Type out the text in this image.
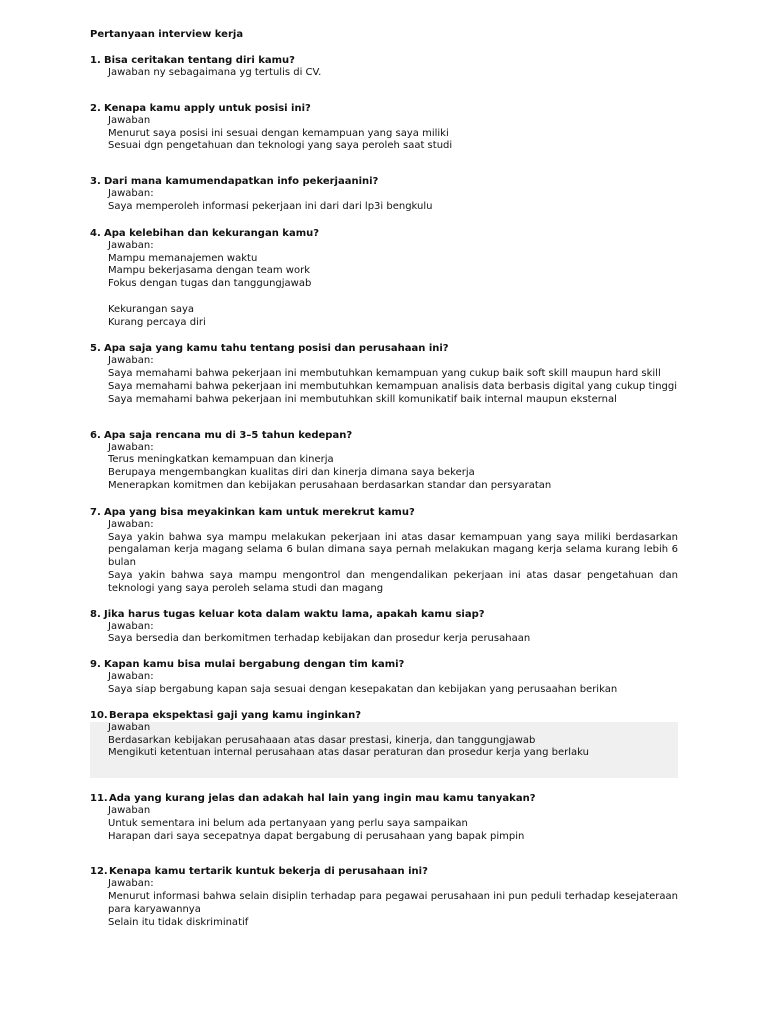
Pertanyaan interview kerja
1. Bisa ceritakan tentang diri kamu?
Jawaban ny sebagaimana yg tertulis di CV.
2. Kenapa kamu apply untuk posisi ini?
Jawaban
Menurut saya posisi ini sesuai dengan kemampuan yang saya miliki
Sesuai dgn pengetahuan dan teknologi yang saya peroleh saat studi
3. Dari mana kamumendapatkan info pekerjaanini?
Jawaban:
Saya memperoleh informasi pekerjaan ini dari dari lp3i bengkulu
4. Apa kelebihan dan kekurangan kamu?
Jawaban:
Mampu memanajemen waktu
Mampu bekerjasama dengan team work
Fokus dengan tugas dan tanggungjawab
Kekurangan saya
Kurang percaya diri
5. Apa saja yang kamu tahu tentang posisi dan perusahaan ini?
Jawaban:
Saya memahami bahwa pekerjaan ini membutuhkan kemampuan yang cukup baik soft skill maupun hard skill
Saya memahami bahwa pekerjaan ini membutuhkan kemampuan analisis data berbasis digital yang cukup tinggi
Saya memahami bahwa pekerjaan ini membutuhkan skill komunikatif baik internal maupun eksternal
6. Apa saja rencana mu di 3–5 tahun kedepan?
Jawaban:
Terus meningkatkan kemampuan dan kinerja
Berupaya mengembangkan kualitas diri dan kinerja dimana saya bekerja
Menerapkan komitmen dan kebijakan perusahaan berdasarkan standar dan persyaratan
7. Apa yang bisa meyakinkan kam untuk merekrut kamu?
Jawaban:
Saya yakin bahwa sya mampu melakukan pekerjaan ini atas dasar kemampuan yang saya miliki berdasarkan pengalaman kerja magang selama 6 bulan dimana saya pernah melakukan magang kerja selama kurang lebih 6 bulan
Saya yakin bahwa saya mampu mengontrol dan mengendalikan pekerjaan ini atas dasar pengetahuan dan teknologi yang saya peroleh selama studi dan magang
8. Jika harus tugas keluar kota dalam waktu lama, apakah kamu siap?
Jawaban:
Saya bersedia dan berkomitmen terhadap kebijakan dan prosedur kerja perusahaan
9. Kapan kamu bisa mulai bergabung dengan tim kami?
Jawaban:
Saya siap bergabung kapan saja sesuai dengan kesepakatan dan kebijakan yang perusaahan berikan
10.Berapa ekspektasi gaji yang kamu inginkan?
Jawaban
Berdasarkan kebijakan perusahaaan atas dasar prestasi, kinerja, dan tanggungjawab
Mengikuti ketentuan internal perusahaan atas dasar peraturan dan prosedur kerja yang berlaku
11.Ada yang kurang jelas dan adakah hal lain yang ingin mau kamu tanyakan?
Jawaban
Untuk sementara ini belum ada pertanyaan yang perlu saya sampaikan
Harapan dari saya secepatnya dapat bergabung di perusahaan yang bapak pimpin
12.Kenapa kamu tertarik kuntuk bekerja di perusahaan ini?
Jawaban:
Menurut informasi bahwa selain disiplin terhadap para pegawai perusahaan ini pun peduli terhadap kesejateraan para karyawannya
Selain itu tidak diskriminatif
